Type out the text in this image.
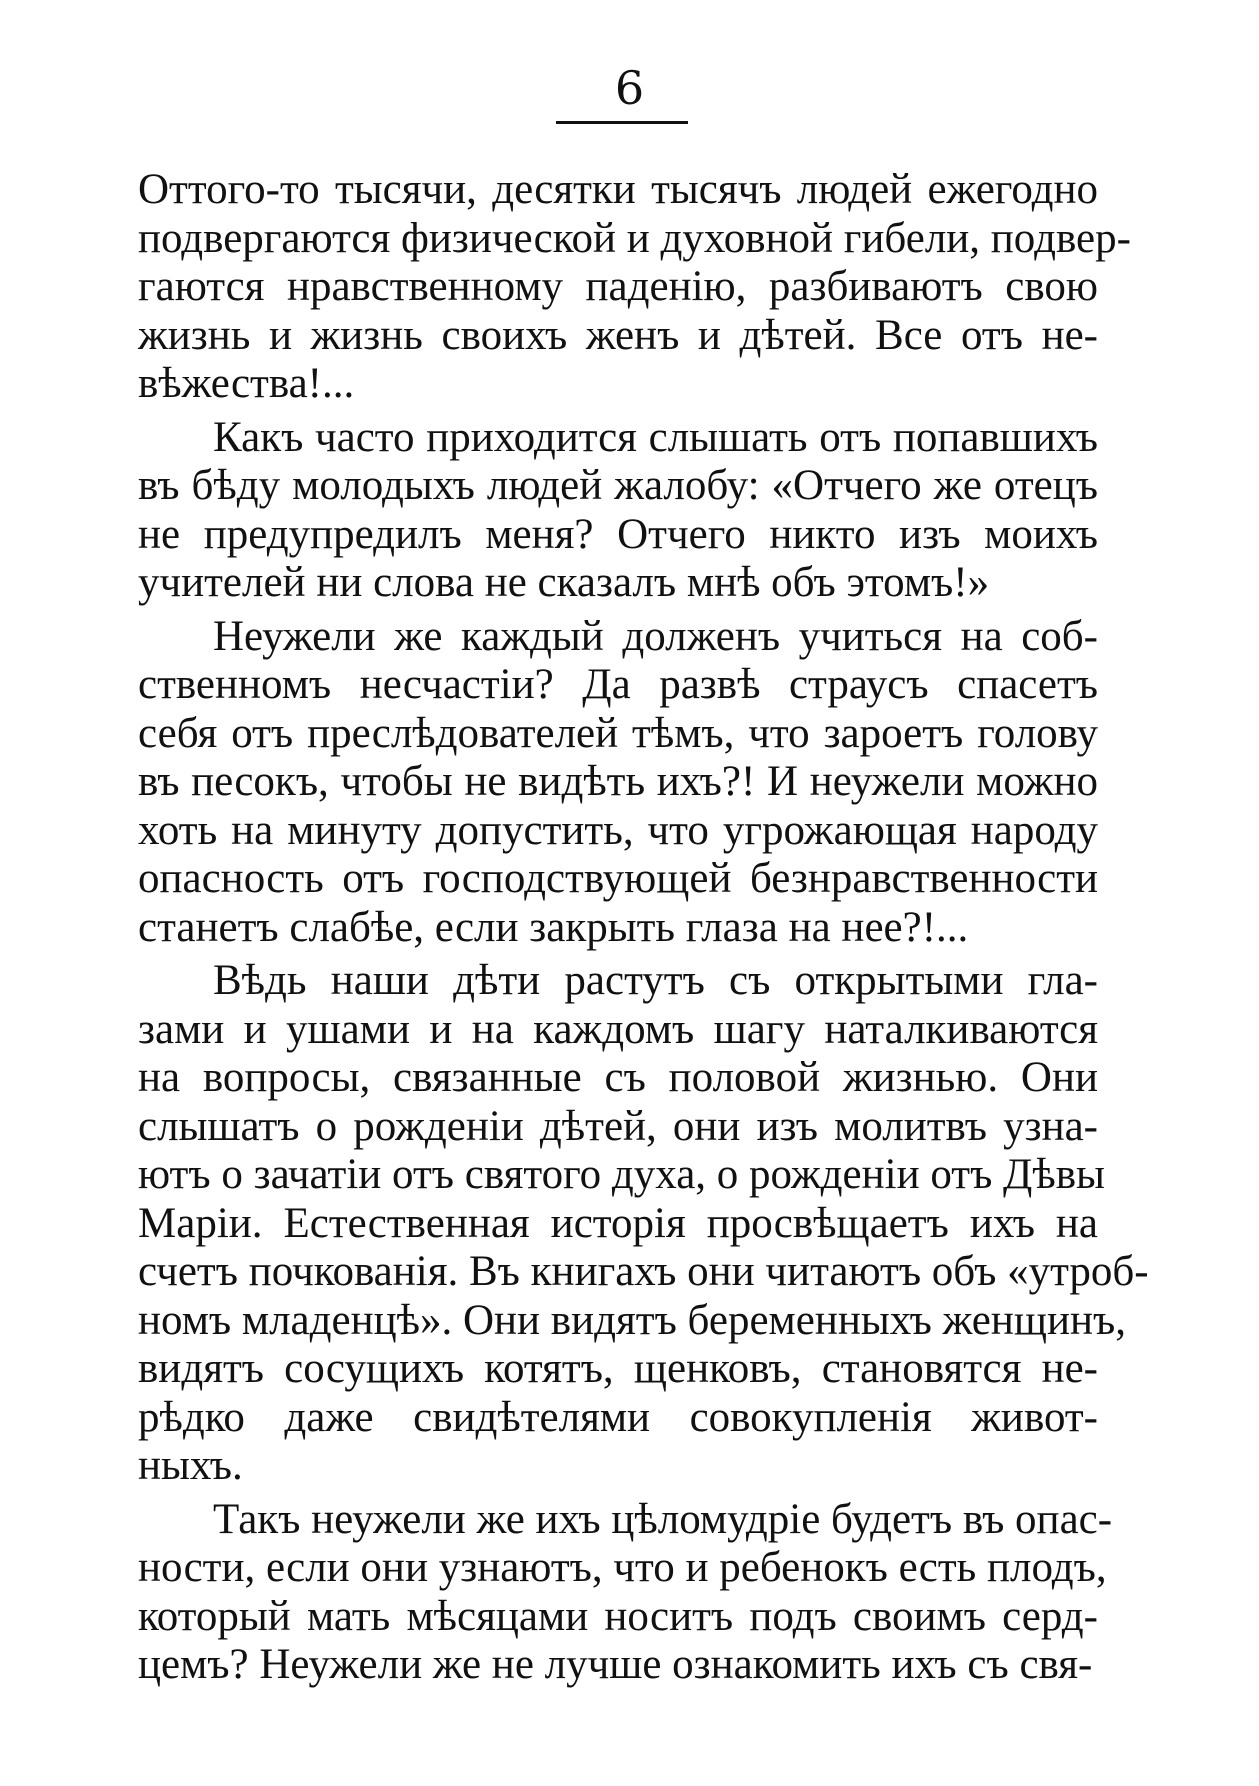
6
Оттого-то тысячи, десятки тысячъ людей ежегодно
подвергаются физической и духовной гибели, подвер-
гаются нравственному паденію, разбиваютъ свою
жизнь и жизнь своихъ женъ и дѣтей. Все отъ не-
вѣжества!...
Какъ часто приходится слышать отъ попавшихъ
въ бѣду молодыхъ людей жалобу: «Отчего же отецъ
не предупредилъ меня? Отчего никто изъ моихъ
учителей ни слова не сказалъ мнѣ объ этомъ!»
Неужели же каждый долженъ учиться на соб-
ственномъ несчастіи? Да развѣ страусъ спасетъ
себя отъ преслѣдователей тѣмъ, что зароетъ голову
въ песокъ, чтобы не видѣть ихъ?! И неужели можно
хоть на минуту допустить, что угрожающая народу
опасность отъ господствующей безнравственности
станетъ слабѣе, если закрыть глаза на нее?!...
Вѣдь наши дѣти растутъ съ открытыми гла-
зами и ушами и на каждомъ шагу наталкиваются
на вопросы, связанные съ половой жизнью. Они
слышатъ о рожденіи дѣтей, они изъ молитвъ узна-
ютъ о зачатіи отъ святого духа, о рожденіи отъ Дѣвы
Маріи. Естественная исторія просвѣщаетъ ихъ на
счетъ почкованія. Въ книгахъ они читаютъ объ «утроб-
номъ младенцѣ». Они видятъ беременныхъ женщинъ,
видятъ сосущихъ котятъ, щенковъ, становятся не-
рѣдко даже свидѣтелями совокупленія живот-
ныхъ.
Такъ неужели же ихъ цѣломудріе будетъ въ опас-
ности, если они узнаютъ, что и ребенокъ есть плодъ,
который мать мѣсяцами носитъ подъ своимъ серд-
цемъ? Неужели же не лучше ознакомить ихъ съ свя-
